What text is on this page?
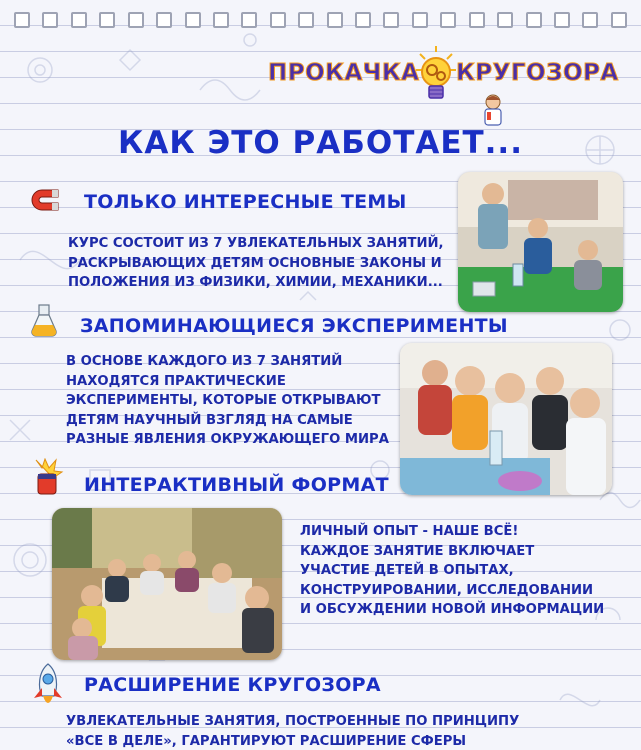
ПРОКАЧКА КРУГОЗОРА
КАК ЭТО РАБОТАЕТ...
ТОЛЬКО ИНТЕРЕСНЫЕ ТЕМЫ
КУРС СОСТОИТ ИЗ 7 УВЛЕКАТЕЛЬНЫХ ЗАНЯТИЙ,
РАСКРЫВАЮЩИХ ДЕТЯМ ОСНОВНЫЕ ЗАКОНЫ И
ПОЛОЖЕНИЯ ИЗ ФИЗИКИ, ХИМИИ, МЕХАНИКИ...
ЗАПОМИНАЮЩИЕСЯ ЭКСПЕРИМЕНТЫ
В ОСНОВЕ КАЖДОГО ИЗ 7 ЗАНЯТИЙ
НАХОДЯТСЯ ПРАКТИЧЕСКИЕ
ЭКСПЕРИМЕНТЫ, КОТОРЫЕ ОТКРЫВАЮТ
ДЕТЯМ НАУЧНЫЙ ВЗГЛЯД НА САМЫЕ
РАЗНЫЕ ЯВЛЕНИЯ ОКРУЖАЮЩЕГО МИРА
ИНТЕРАКТИВНЫЙ ФОРМАТ
ЛИЧНЫЙ ОПЫТ - НАШЕ ВСЁ!
КАЖДОЕ ЗАНЯТИЕ ВКЛЮЧАЕТ
УЧАСТИЕ ДЕТЕЙ В ОПЫТАХ,
КОНСТРУИРОВАНИИ, ИССЛЕДОВАНИИ
И ОБСУЖДЕНИИ НОВОЙ ИНФОРМАЦИИ
РАСШИРЕНИЕ КРУГОЗОРА
УВЛЕКАТЕЛЬНЫЕ ЗАНЯТИЯ, ПОСТРОЕННЫЕ ПО ПРИНЦИПУ
«ВСЕ В ДЕЛЕ», ГАРАНТИРУЮТ РАСШИРЕНИЕ СФЕРЫ
